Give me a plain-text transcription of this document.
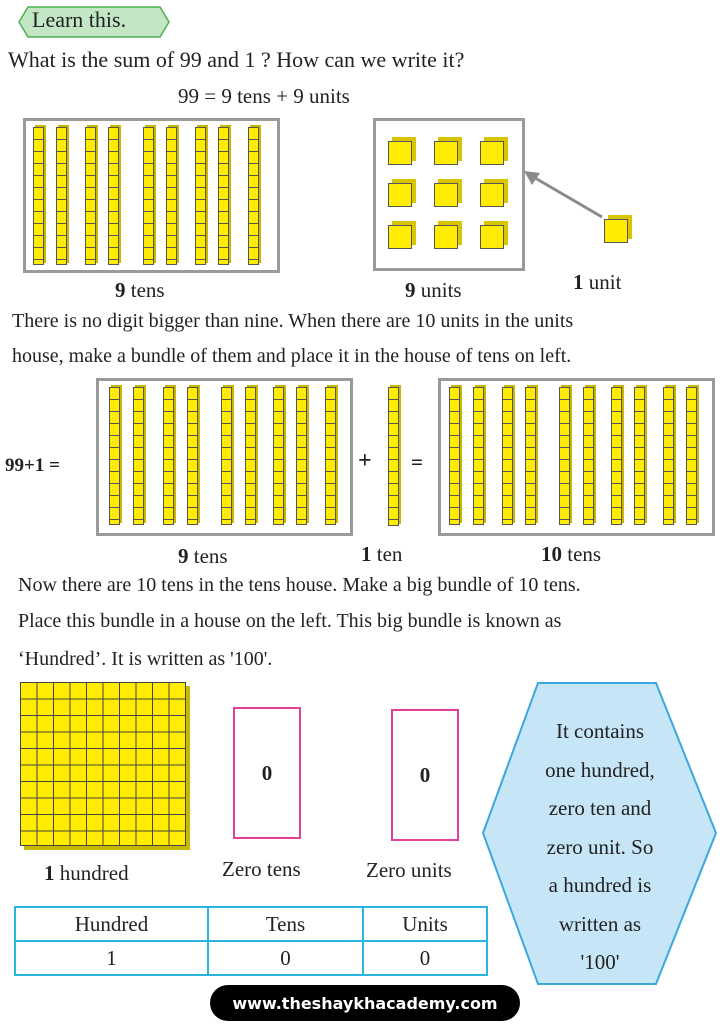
Learn this.
What is the sum of 99 and 1 ? How can we write it?
99 = 9 tens + 9 units
9 tens	9 units	1 unit
There is no digit bigger than nine. When there are 10 units in the units
house, make a bundle of them and place it in the house of tens on left.
99+1 =	+ =
9 tens	1 ten	10 tens
Now there are 10 tens in the tens house. Make a big bundle of 10 tens.
Place this bundle in a house on the left. This big bundle is known as
‘Hundred’. It is written as '100'.
0	0
1 hundred	Zero tens	Zero units
Hundred	Tens	Units
1	0	0
It contains
one hundred,
zero ten and
zero unit. So
a hundred is
written as
'100'
www.theshaykhacademy.com
